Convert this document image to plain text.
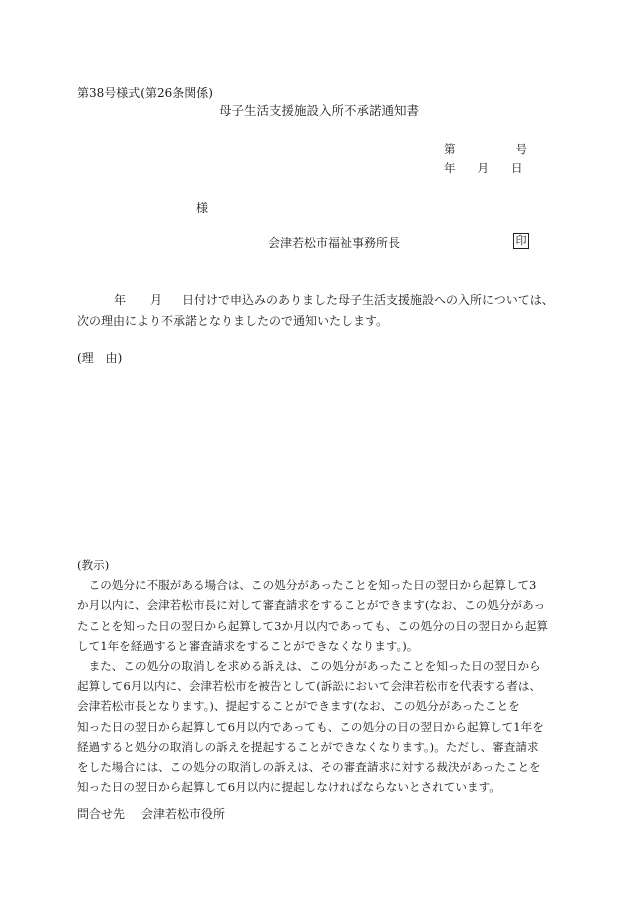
第38号様式(第26条関係)
母子生活支援施設入所不承諾通知書
第	号
年 月 日
様
会津若松市福祉事務所長	印
年 月 日付けで申込みのありました母子生活支援施設への入所については、
次の理由により不承諾となりましたので通知いたします。
(理　由)
(教示)
　この処分に不服がある場合は、この処分があったことを知った日の翌日から起算して3
か月以内に、会津若松市長に対して審査請求をすることができます(なお、この処分があっ
たことを知った日の翌日から起算して3か月以内であっても、この処分の日の翌日から起算
して1年を経過すると審査請求をすることができなくなります。)。
　また、この処分の取消しを求める訴えは、この処分があったことを知った日の翌日から
起算して6月以内に、会津若松市を被告として(訴訟において会津若松市を代表する者は、
会津若松市長となります。)、提起することができます(なお、この処分があったことを
知った日の翌日から起算して6月以内であっても、この処分の日の翌日から起算して1年を
経過すると処分の取消しの訴えを提起することができなくなります。)。ただし、審査請求
をした場合には、この処分の取消しの訴えは、その審査請求に対する裁決があったことを
知った日の翌日から起算して6月以内に提起しなければならないとされています。
問合せ先 会津若松市役所
